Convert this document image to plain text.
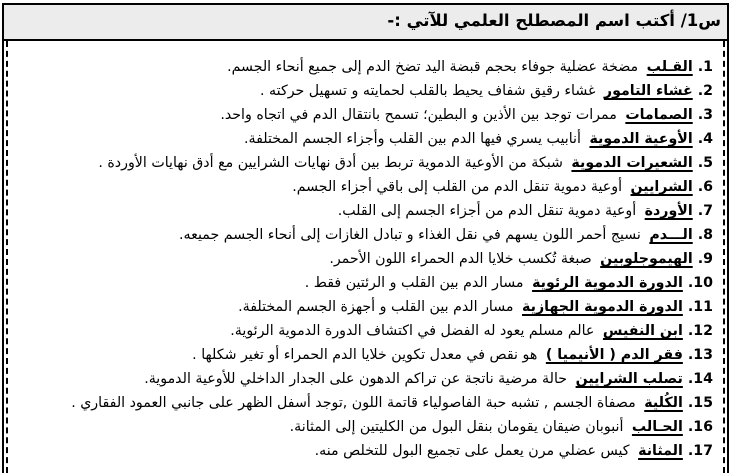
س1/ أكتب اسم المصطلح العلمي للآتي :-
1.القـلب مضخة عضلية جوفاء بحجم قبضة اليد تضخ الدم إلى جميع أنحاء الجسم.
2.غشاء التامور غشاء رقيق شفاف يحيط بالقلب لحمايته و تسهيل حركته .
3.الصمامات ممرات توجد بين الأذين و البطين؛ تسمح بانتقال الدم في اتجاه واحد.
4.الأوعية الدموية أنابيب يسري فيها الدم بين القلب وأجزاء الجسم المختلفة.
5.الشعيرات الدموية شبكة من الأوعية الدموية تربط بين أدق نهايات الشرايين مع أدق نهايات الأوردة .
6.الشرايين أوعية دموية تنقل الدم من القلب إلى باقي أجزاء الجسم.
7.الأوردة أوعية دموية تنقل الدم من أجزاء الجسم إلى القلب.
8.الـــدم نسيج أحمر اللون يسهم في نقل الغذاء و تبادل الغازات إلى أنحاء الجسم جميعه.
9.الهيموجلوبين صبغة تُكسب خلايا الدم الحمراء اللون الأحمر.
10.الدورة الدموية الرئوية مسار الدم بين القلب و الرئتين فقط .
11.الدورة الدموية الجهازية مسار الدم بين القلب و أجهزة الجسم المختلفة.
12.ابن النفيس عالم مسلم يعود له الفضل في اكتشاف الدورة الدموية الرئوية.
13.فقر الدم ( الأنيميا ) هو نقص في معدل تكوين خلايا الدم الحمراء أو تغير شكلها .
14.تصلب الشرايين حالة مرضية ناتجة عن تراكم الدهون على الجدار الداخلي للأوعية الدموية.
15.الكُلية مصفاة الجسم , تشبه حبة الفاصولياء قاتمة اللون ,توجد أسفل الظهر على جانبي العمود الفقاري .
16.الحـالب أنبوبان ضيقان يقومان بنقل البول من الكليتين إلى المثانة.
17.المثانة كيس عضلي مرن يعمل على تجميع البول للتخلص منه.
